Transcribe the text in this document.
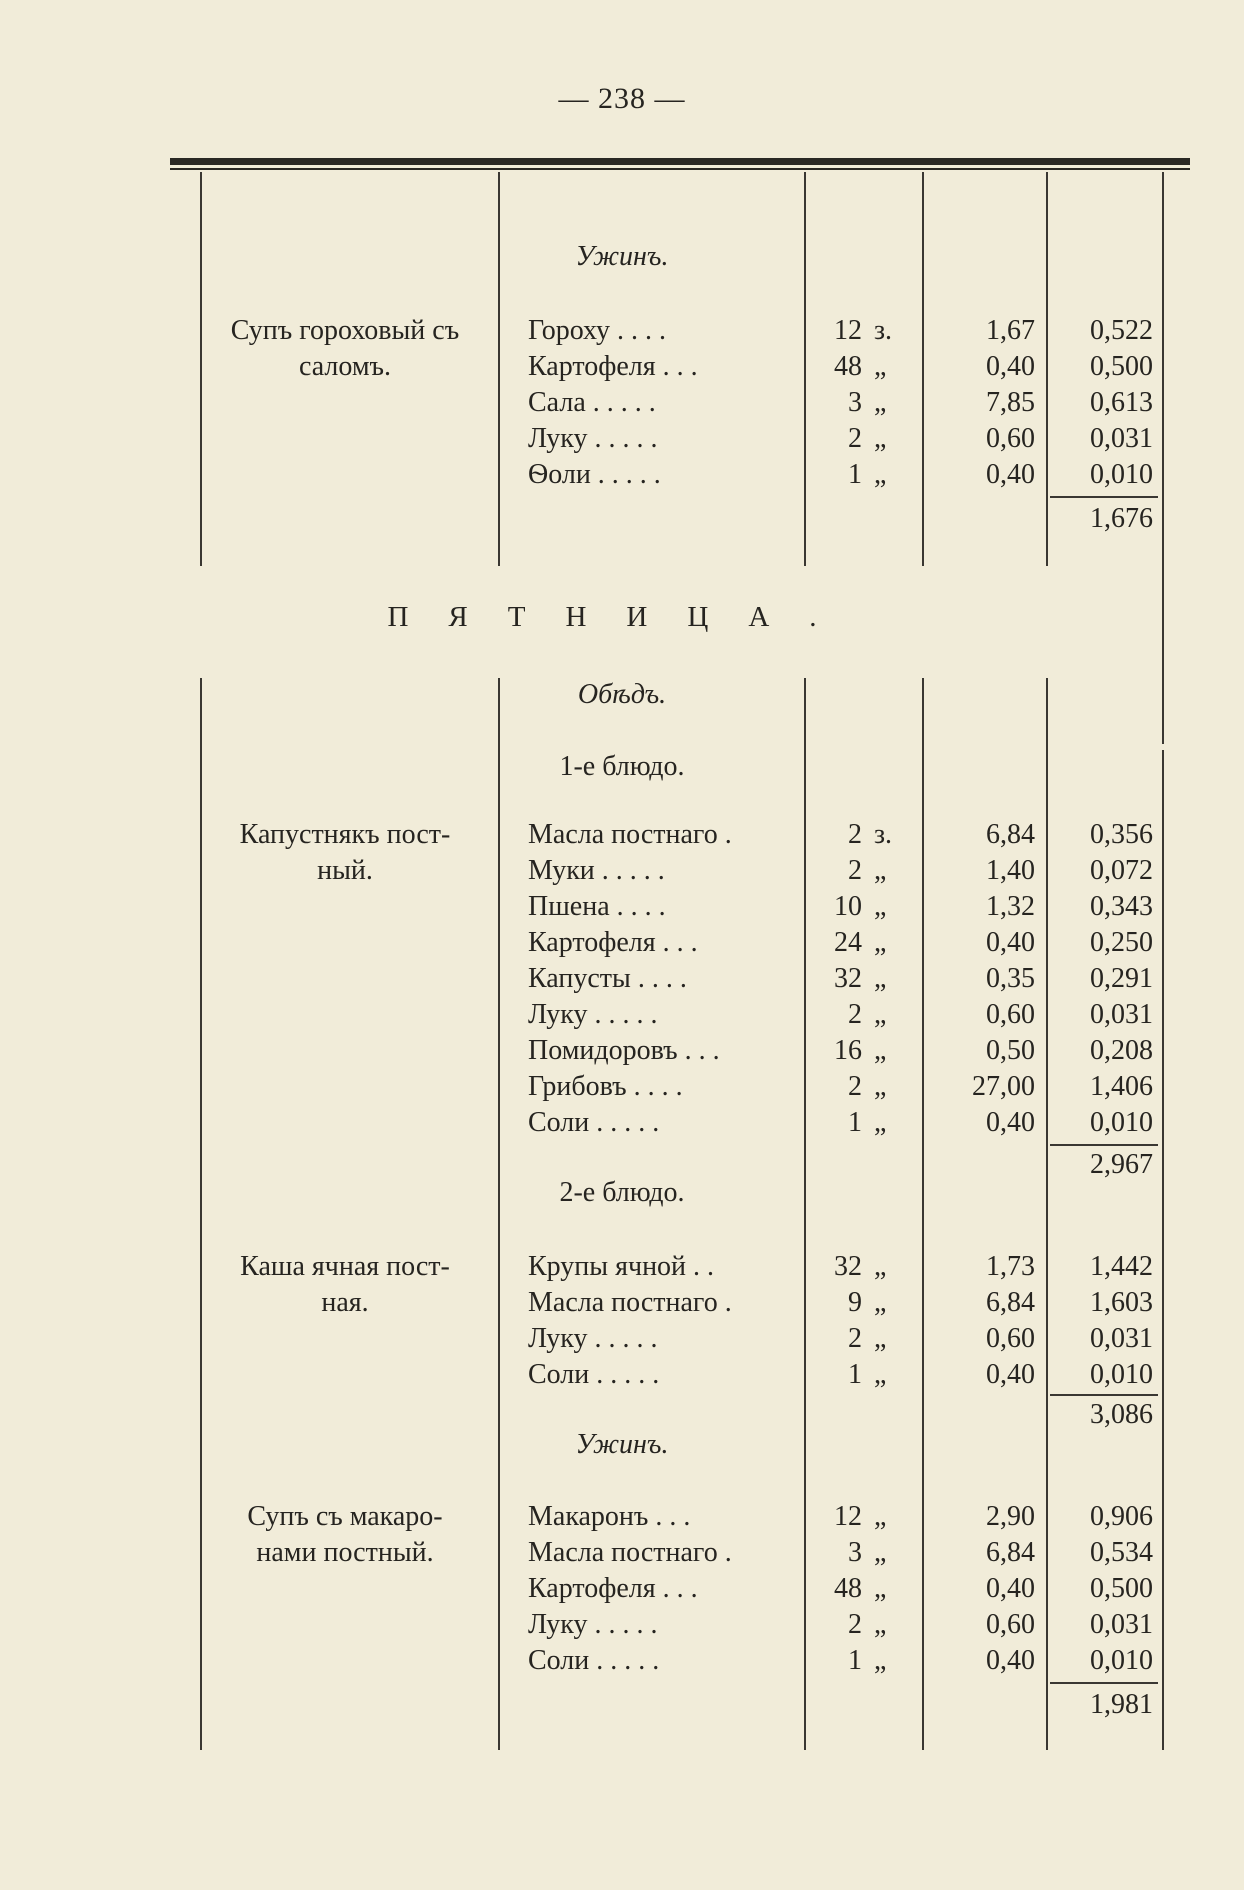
— 238 —
Ужинъ.
Супъ гороховый съ
саломъ.
Гороху . . . .	12 з.	1,67	0,522
Картофеля . . .	48 „	0,40	0,500
Сала . . . . .	3 „	7,85	0,613
Луку . . . . .	2 „	0,60	0,031
Ѳоли . . . . .	1 „	0,40	0,010
1,676
ПЯТНИЦА.
Обѣдъ.
1-е блюдо.
Капустнякъ пост-
ный.
Масла постнаго .	2 з.	6,84	0,356
Муки . . . . .	2 „	1,40	0,072
Пшена . . . .	10 „	1,32	0,343
Картофеля . . .	24 „	0,40	0,250
Капусты . . . .	32 „	0,35	0,291
Луку . . . . .	2 „	0,60	0,031
Помидоровъ . . .	16 „	0,50	0,208
Грибовъ . . . .	2 „	27,00	1,406
Соли . . . . .	1 „	0,40	0,010
2,967
2-е блюдо.
Каша ячная пост-
ная.
Крупы ячной . .	32 „	1,73	1,442
Масла постнаго .	9 „	6,84	1,603
Луку . . . . .	2 „	0,60	0,031
Соли . . . . .	1 „	0,40	0,010
3,086
Ужинъ.
Супъ съ макаро-
нами постный.
Макаронъ . . .	12 „	2,90	0,906
Масла постнаго .	3 „	6,84	0,534
Картофеля . . .	48 „	0,40	0,500
Луку . . . . .	2 „	0,60	0,031
Соли . . . . .	1 „	0,40	0,010
1,981
